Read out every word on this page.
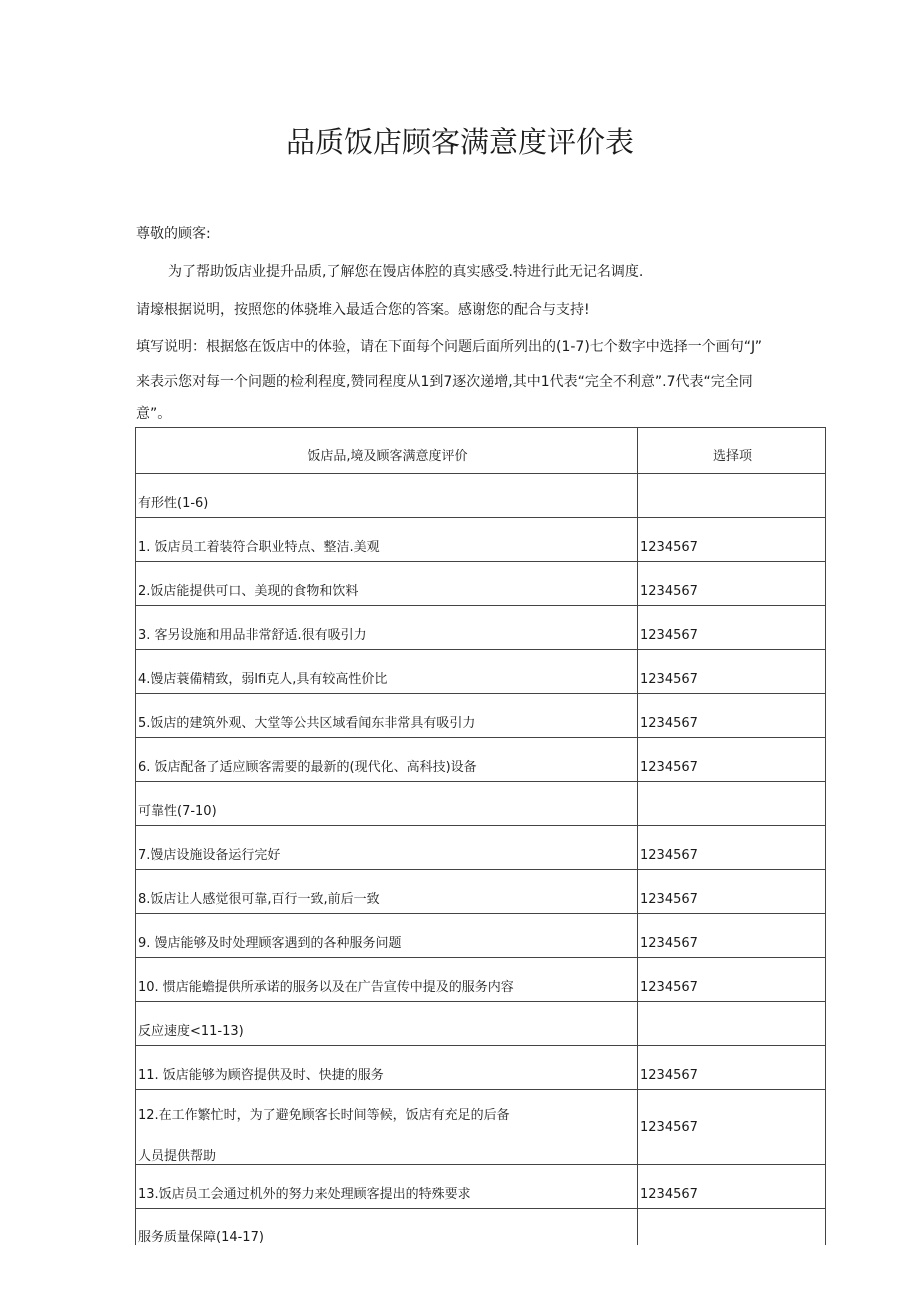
品质饭店顾客满意度评价表

尊敬的顾客:

为了帮助饭店业提升品质,了解您在馒店体腔的真实感受.特进行此无记名调度.

请壕根据说明，按照您的体骁堆入最适合您的答案。感谢您的配合与支持!

填写说明：根据悠在饭店中的体验，请在下面每个问题后面所列出的(1-7)七个数字中选择一个画句“J”

来表示您对每一个问题的检利程度,赞同程度从1到7逐次递增,其中1代表“完全不利意”.7代表“完全同

意”。

饭店品,境及顾客满意度评价	选择项
有形性(1-6)	
1. 饭店员工着装符合职业特点、整洁.美观	1234567
2.饭店能提供可口、美现的食物和饮料	1234567
3. 客另设施和用品非常舒适.很有吸引力	1234567
4.馒店蓑備精致，弱lfi克人,具有较高性价比	1234567
5.饭店的建筑外观、大堂等公共区域看闻东非常具有吸引力	1234567
6. 饭店配备了适应顾客需要的最新的(现代化、高科技)设备	1234567
可靠性(7-10)	
7.馒店设施设备运行完好	1234567
8.饭店让人感觉很可靠,百行一致,前后一致	1234567
9. 馒店能够及时处理顾客遇到的各种服务问题	1234567
10. 惯店能蟾提供所承诺的服务以及在广告宣传中提及的服务内容	1234567
反应速度<11-13)	
11. 饭店能够为顾咨提供及时、快捷的服务	1234567

12.在工作繁忙时，为了避免顾客长时间等候，饭店有充足的后备
人员提供帮助	1234567
13.饭店员工会通过机外的努力来处理顾客提出的特殊要求	1234567
服务质量保障(14-17)	
